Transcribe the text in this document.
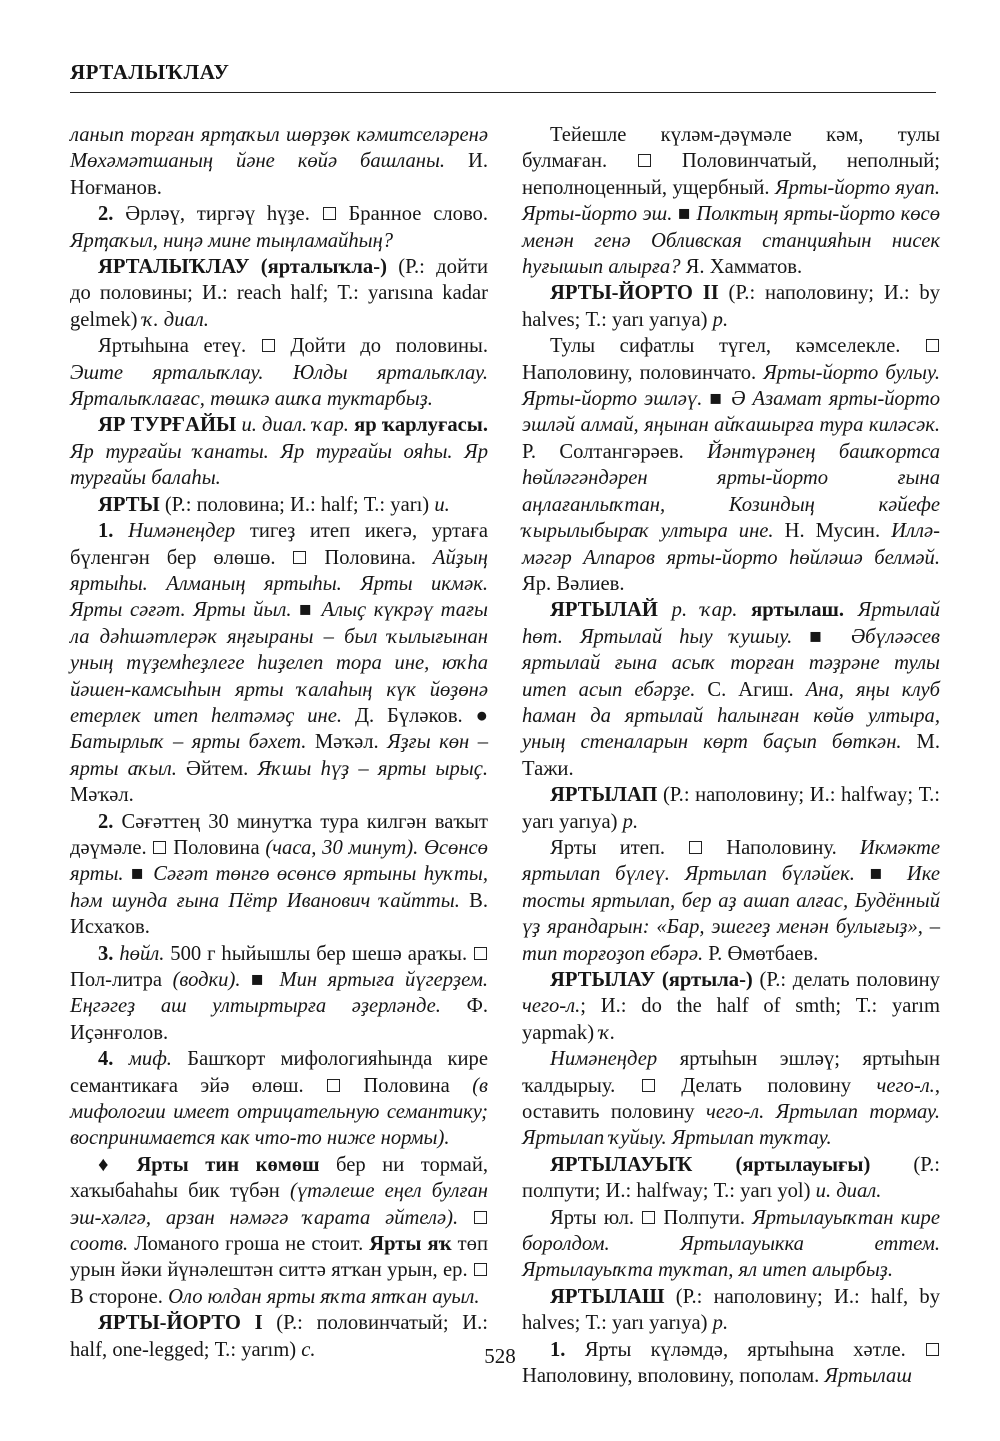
ЯРТАЛЫҠЛАУ

ланып торған ярҭаҡыл шөрҙөк кәмитселәренә Мөхәмәтшаның йәне көйә башланы. И. Ноғманов.

2. Әрләү, тиргәү һүҙе.  Бранное слово. Ярҭаҡыл, ниңә мине тыңламайһың?

ЯРТАЛЫҠЛАУ (ярталыҡла-) (Р.: дойти до половины; И.: reach half; Т.: yarısına kadar gelmek) ҡ. диал.

Яртыһына етеү.  Дойти до половины. Эште ярталыҡлау. Юлды ярталыҡлау. Ярталыҡлағас, төшкә ашҡа туктарбыҙ.

ЯР ТУРҒАЙЫ и. диал. ҡар. яр ҡарлуғасы. Яр турғайы ҡанаты. Яр турғайы ояһы. Яр турғайы балаһы.

ЯРТЫ (Р.: половина; И.: half; Т.: yarı) и.

1. Нимәнеңдер тигеҙ итеп икегә, уртаға бүленгән бер өлөшө.  Половина. Айҙың яртыһы. Алманың яртыһы. Ярты икмәк. Ярты сәғәт. Ярты йыл. ■ Алыҫ күкрәү тағы ла дәһшәтлерәк яңғыраны – был ҡылығынан уның түҙемһеҙлеге һиҙелеп тора ине, юҡһа йәшен-камсыһын ярты ҡалаһың күк йөҙөнә етерлек итеп һелтәмәҫ ине. Д. Бүләков. ● Батырлыҡ – ярты бәхет. Мәҡәл. Яҙғы көн – ярты аҡыл. Әйтем. Яҡшы һүҙ – ярты ырыҫ. Мәҡәл.

2. Сәғәттең 30 минутҡа тура килгән ваҡыт дәүмәле.  Половина (часа, 30 минут). Өсөнсө ярты. ■ Сәғәт төнгө өсөнсө яртыны һуҡты, һәм шунда ғына Пётр Иванович ҡайтты. В. Исхаҡов.

3. һөйл. 500 г һыйышлы бер шешә араҡы.  Пол-литра (водки). ■ Мин яртыға йүгерҙем. Еңгәгеҙ аш ултыртырға әҙерләнде. Ф. Иҫәнғолов.

4. миф. Башҡорт мифологияһында кире семантикаға эйә өлөш.  Половина (в мифологии имеет отрицательную семантику; воспринимается как что-то ниже нормы).

♦ Ярты тин көмөш бер ни тормай, хаҡыбаһаһы бик түбән (үтәлеше еңел булған эш-хәлгә, арзан нәмәгә ҡарата әйтелә).  соотв. Ломаного гроша не стоит. Ярты яҡ төп урын йәки йүнәлештән ситтә ятҡан урын, ер.  В стороне. Оло юлдан ярты яҡта ятҡан ауыл.

ЯРТЫ-ЙОРТО I (Р.: половинчатый; И.: half, one-legged; Т.: yarım) с.

Тейешле күләм-дәүмәле кәм, тулы булмаған.  Половинчатый, неполный; неполноценный, ущербный. Ярты-йорто яуап. Ярты-йорто эш. ■ Полктың ярты-йорто көсө менән генә Обливская станцияһын нисек һуғышып алырға? Я. Хамматов.

ЯРТЫ-ЙОРТО II (Р.: наполовину; И.: by halves; Т.: yarı yarıya) р.

Тулы сифатлы түгел, кәмселекле.  Наполовину, половинчато. Ярты-йорто булыу. Ярты-йорто эшләү. ■ Ә Азамат ярты-йорто эшләй алмай, яңынан айҡашырға тура киләсәк. Р. Солтангәрәев. Йәнтүрәнең башҡортса һөйләгәндәрен ярты-йорто ғына аңлағанлыҡтан, Козиндың кәйефе ҡырылыбыраҡ ултыра ине. Н. Мусин. Иллә-мәгәр Алпаров ярты-йорто һөйләшә белмәй. Яр. Вәлиев.

ЯРТЫЛАЙ р. ҡар. яртылаш. Яртылай һөт. Яртылай һыу ҡушыу. ■ Әбүләәсев яртылай ғына асыҡ торған тәҙрәне тулы итеп асып ебәрҙе. С. Агиш. Ана, яңы клуб һаман да яртылай һалынған көйө ултыра, уның стеналарын көрт баҫып бөткән. М. Тажи.

ЯРТЫЛАП (Р.: наполовину; И.: halfway; Т.: yarı yarıya) р.

Ярты итеп.  Наполовину. Икмәкте яртылап бүлеү. Яртылап бүләйек. ■ Ике тосты яртылап, бер аҙ ашап алғас, Будённый үҙ ярандарын: «Бар, эшегеҙ менән булығыҙ», – тип торғоҙоп ебәрә. Р. Өмөтбаев.

ЯРТЫЛАУ (яртыла-) (Р.: делать половину чего-л.; И.: do the half of smth; Т.: yarım yapmak) ҡ.

Нимәнеңдер яртыһын эшләү; яртыһын ҡалдырыу.  Делать половину чего-л., оставить половину чего-л. Яртылап тормау. Яртылап ҡуйыу. Яртылап туҡтау.

ЯРТЫЛАУЫҠ (яртылауығы) (Р.: полпути; И.: halfway; Т.: yarı yol) и. диал.

Ярты юл.  Полпути. Яртылауыҡтан кире боролдом. Яртылауыкка еттем. Яртылауыҡта туҡтап, ял итеп алырбыҙ.

ЯРТЫЛАШ (Р.: наполовину; И.: half, by halves; Т.: yarı yarıya) р.

1. Ярты күләмдә, яртыһына хәтле.  Наполовину, вполовину, пополам. Яртылаш

528
